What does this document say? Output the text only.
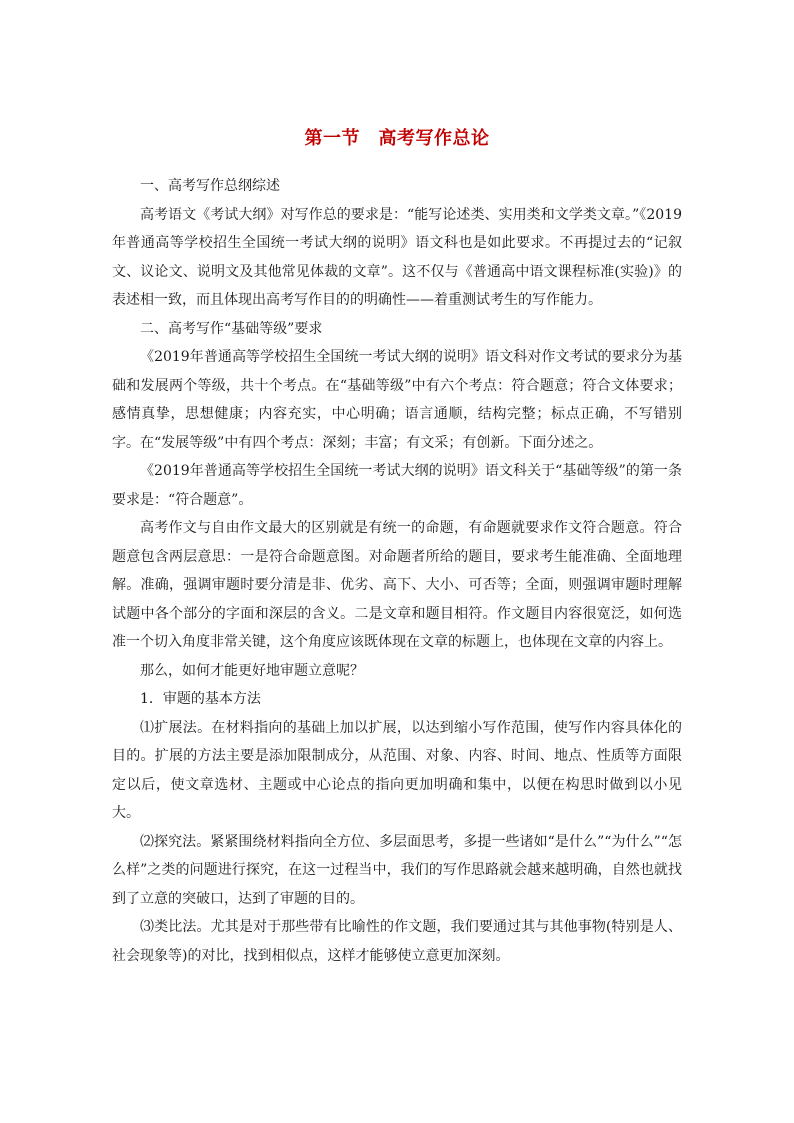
第一节　高考写作总论

一、高考写作总纲综述

高考语文《考试大纲》对写作总的要求是：“能写论述类、实用类和文学类文章。”《2019年普通高等学校招生全国统一考试大纲的说明》语文科也是如此要求。不再提过去的“记叙文、议论文、说明文及其他常见体裁的文章”。这不仅与《普通高中语文课程标准(实验)》的表述相一致，而且体现出高考写作目的的明确性——着重测试考生的写作能力。

二、高考写作“基础等级”要求

《2019年普通高等学校招生全国统一考试大纲的说明》语文科对作文考试的要求分为基础和发展两个等级，共十个考点。在“基础等级”中有六个考点：符合题意；符合文体要求；感情真挚，思想健康；内容充实，中心明确；语言通顺，结构完整；标点正确，不写错别字。在“发展等级”中有四个考点：深刻；丰富；有文采；有创新。下面分述之。

《2019年普通高等学校招生全国统一考试大纲的说明》语文科关于“基础等级”的第一条要求是：“符合题意”。

高考作文与自由作文最大的区别就是有统一的命题，有命题就要求作文符合题意。符合题意包含两层意思：一是符合命题意图。对命题者所给的题目，要求考生能准确、全面地理解。准确，强调审题时要分清是非、优劣、高下、大小、可否等；全面，则强调审题时理解试题中各个部分的字面和深层的含义。二是文章和题目相符。作文题目内容很宽泛，如何选准一个切入角度非常关键，这个角度应该既体现在文章的标题上，也体现在文章的内容上。

那么，如何才能更好地审题立意呢？

1．审题的基本方法

⑴扩展法。在材料指向的基础上加以扩展，以达到缩小写作范围，使写作内容具体化的目的。扩展的方法主要是添加限制成分，从范围、对象、内容、时间、地点、性质等方面限定以后，使文章选材、主题或中心论点的指向更加明确和集中，以便在构思时做到以小见大。

⑵探究法。紧紧围绕材料指向全方位、多层面思考，多提一些诸如“是什么”“为什么”“怎么样”之类的问题进行探究，在这一过程当中，我们的写作思路就会越来越明确，自然也就找到了立意的突破口，达到了审题的目的。

⑶类比法。尤其是对于那些带有比喻性的作文题，我们要通过其与其他事物(特别是人、社会现象等)的对比，找到相似点，这样才能够使立意更加深刻。
